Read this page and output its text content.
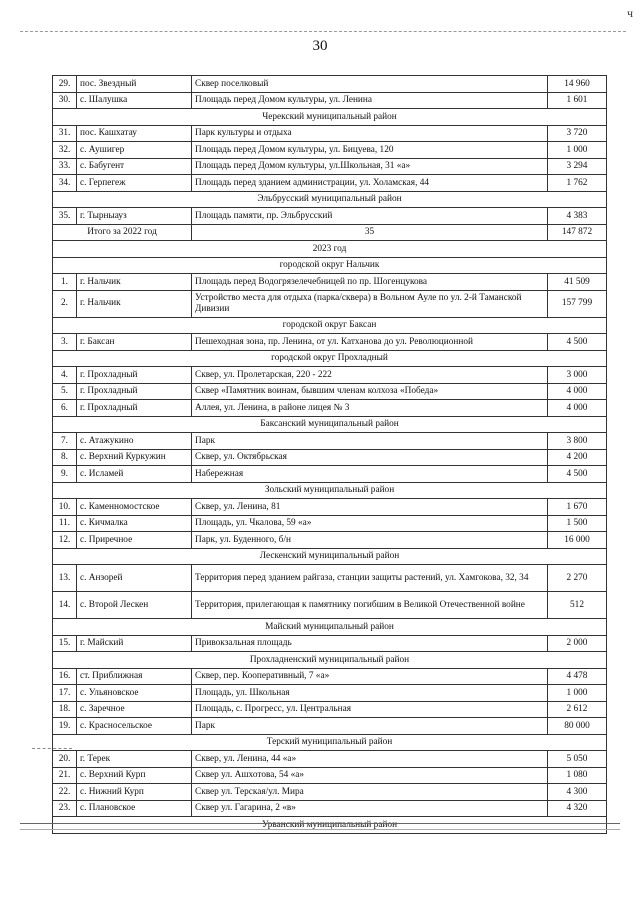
ч
30
29.	пос. Звездный	Сквер поселковый	14 960
30.	с. Шалушка	Площадь перед Домом культуры, ул. Ленина	1 601
Черекский муниципальный район			
31.	пос. Кашхатау	Парк культуры и отдыха	3 720
32.	с. Аушигер	Площадь перед Домом культуры, ул. Бицуева, 120	1 000
33.	с. Бабугент	Площадь перед Домом культуры, ул.Школьная, 31 «а»	3 294
34.	с. Герпегеж	Площадь перед зданием администрации, ул. Холамская, 44	1 762
Эльбрусский муниципальный район			
35.	г. Тырныауз	Площадь памяти, пр. Эльбрусский	4 383
Итого за 2022 год		35	147 872
2023 год			
городской округ Нальчик			
1.	г. Нальчик	Площадь перед Водогрязелечебницей по пр. Шогенцукова	41 509
2.	г. Нальчик	Устройство места для отдыха (парка/сквера) в Вольном Ауле по ул. 2-й Таманской Дивизии	157 799
городской округ Баксан			
3.	г. Баксан	Пешеходная зона, пр. Ленина, от ул. Катханова до ул. Революционной	4 500
городской округ Прохладный			
4.	г. Прохладный	Сквер, ул. Пролетарская, 220 - 222	3 000
5.	г. Прохладный	Сквер «Памятник воинам, бывшим членам колхоза «Победа»	4 000
6.	г. Прохладный	Аллея, ул. Ленина, в районе лицея № 3	4 000
Баксанский муниципальный район			
7.	с. Атажукино	Парк	3 800
8.	с. Верхний Куркужин	Сквер, ул. Октябрьская	4 200
9.	с. Исламей	Набережная	4 500
Зольский муниципальный район			
10.	с. Каменномостское	Сквер, ул. Ленина, 81	1 670
11.	с. Кичмалка	Площадь, ул. Чкалова, 59 «а»	1 500
12.	с. Приречное	Парк, ул. Буденного, б/н	16 000
Лескенский муниципальный район			
13.	с. Анзорей	Территория перед зданием райгаза, станции защиты растений, ул. Хамгокова, 32, 34	2 270
14.	с. Второй Лескен	Территория, прилегающая к памятнику погибшим в Великой Отечественной войне	512
Майский муниципальный район			
15.	г. Майский	Привокзальная площадь	2 000
Прохладненский муниципальный район			
16.	ст. Приближная	Сквер, пер. Кооперативный, 7 «а»	4 478
17.	с. Ульяновское	Площадь, ул. Школьная	1 000
18.	с. Заречное	Площадь, с. Прогресс, ул. Центральная	2 612
19.	с. Красносельское	Парк	80 000
Терский муниципальный район			
20.	г. Терек	Сквер, ул. Ленина, 44 «а»	5 050
21.	с. Верхний Курп	Сквер ул. Ашхотова, 54 «а»	1 080
22.	с. Нижний Курп	Сквер ул. Терская/ул. Мира	4 300
23.	с. Плановское	Сквер ул. Гагарина, 2 «в»	4 320
Урванский муниципальный район			
